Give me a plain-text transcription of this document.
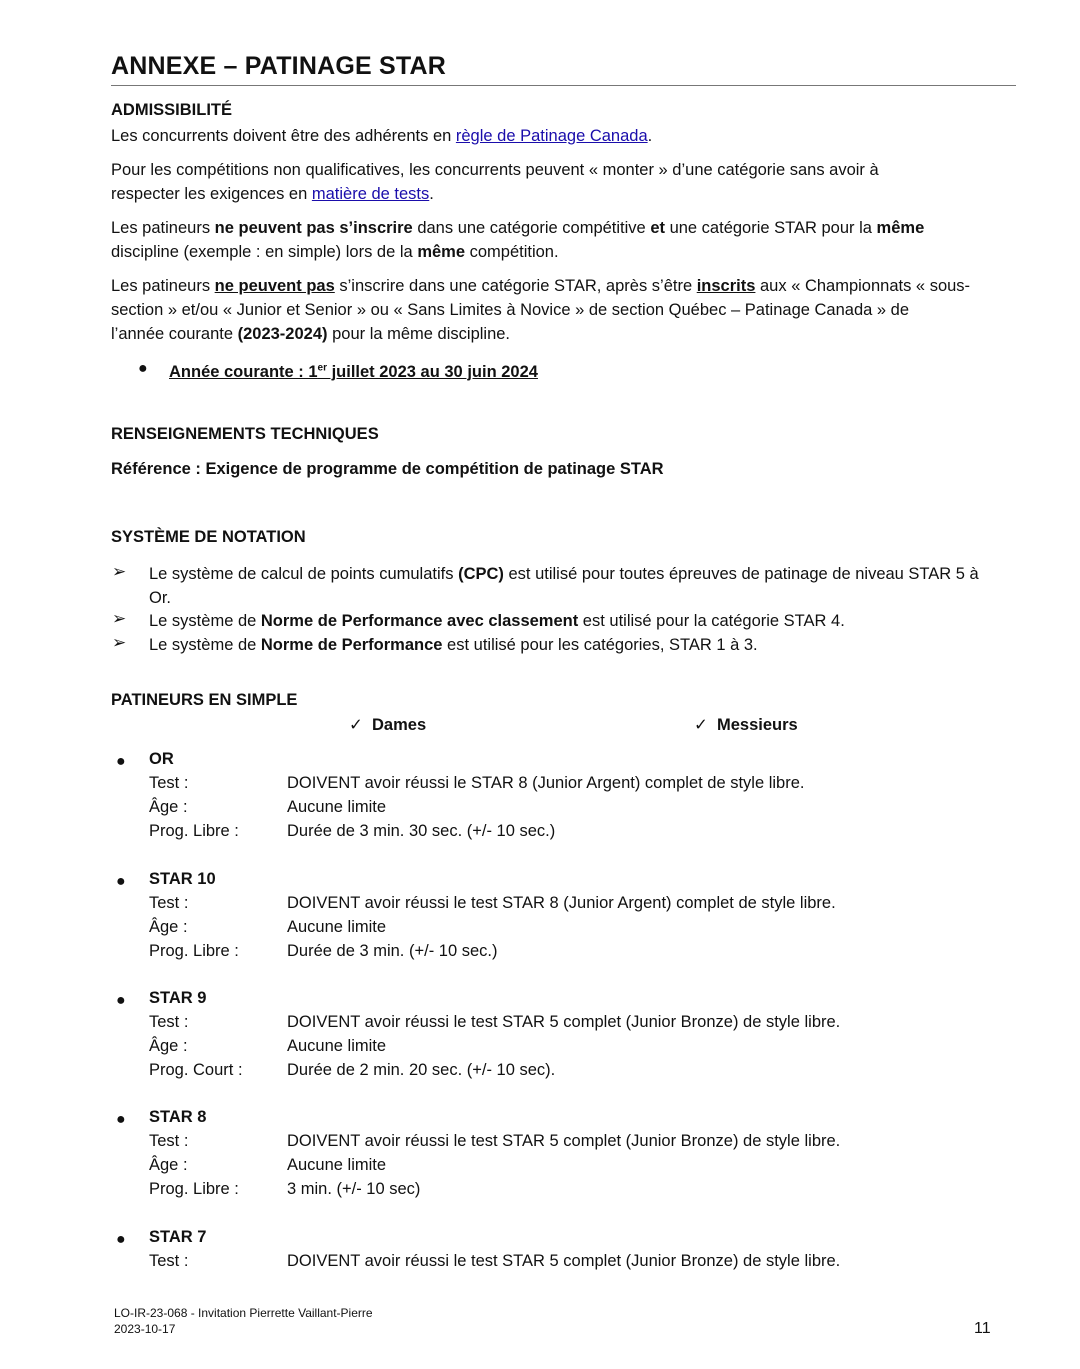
ANNEXE – PATINAGE STAR
ADMISSIBILITÉ
Les concurrents doivent être des adhérents en règle de Patinage Canada.
Pour les compétitions non qualificatives, les concurrents peuvent « monter » d’une catégorie sans avoir à
respecter les exigences en matière de tests.
Les patineurs ne peuvent pas s’inscrire dans une catégorie compétitive et une catégorie STAR pour la même
discipline (exemple : en simple) lors de la même compétition.
Les patineurs ne peuvent pas s’inscrire dans une catégorie STAR, après s’être inscrits aux « Championnats « sous-
section » et/ou « Junior et Senior » ou « Sans Limites à Novice » de section Québec – Patinage Canada » de
l’année courante (2023-2024) pour la même discipline.
● Année courante : 1er juillet 2023 au 30 juin 2024
RENSEIGNEMENTS TECHNIQUES
Référence : Exigence de programme de compétition de patinage STAR
SYSTÈME DE NOTATION
➢ Le système de calcul de points cumulatifs (CPC) est utilisé pour toutes épreuves de patinage de niveau STAR 5 à
Or.
➢ Le système de Norme de Performance avec classement est utilisé pour la catégorie STAR 4.
➢ Le système de Norme de Performance est utilisé pour les catégories, STAR 1 à 3.
PATINEURS EN SIMPLE
✓ Dames	✓ Messieurs
● OR
Test :	DOIVENT avoir réussi le STAR 8 (Junior Argent) complet de style libre.
Âge :	Aucune limite
Prog. Libre :	Durée de 3 min. 30 sec. (+/- 10 sec.)
● STAR 10
Test :	DOIVENT avoir réussi le test STAR 8 (Junior Argent) complet de style libre.
Âge :	Aucune limite
Prog. Libre :	Durée de 3 min. (+/- 10 sec.)
● STAR 9
Test :	DOIVENT avoir réussi le test STAR 5 complet (Junior Bronze) de style libre.
Âge :	Aucune limite
Prog. Court :	Durée de 2 min. 20 sec. (+/- 10 sec).
● STAR 8
Test :	DOIVENT avoir réussi le test STAR 5 complet (Junior Bronze) de style libre.
Âge :	Aucune limite
Prog. Libre :	3 min. (+/- 10 sec)
● STAR 7
Test :	DOIVENT avoir réussi le test STAR 5 complet (Junior Bronze) de style libre.
LO-IR-23-068 - Invitation Pierrette Vaillant-Pierre
2023-10-17	11
